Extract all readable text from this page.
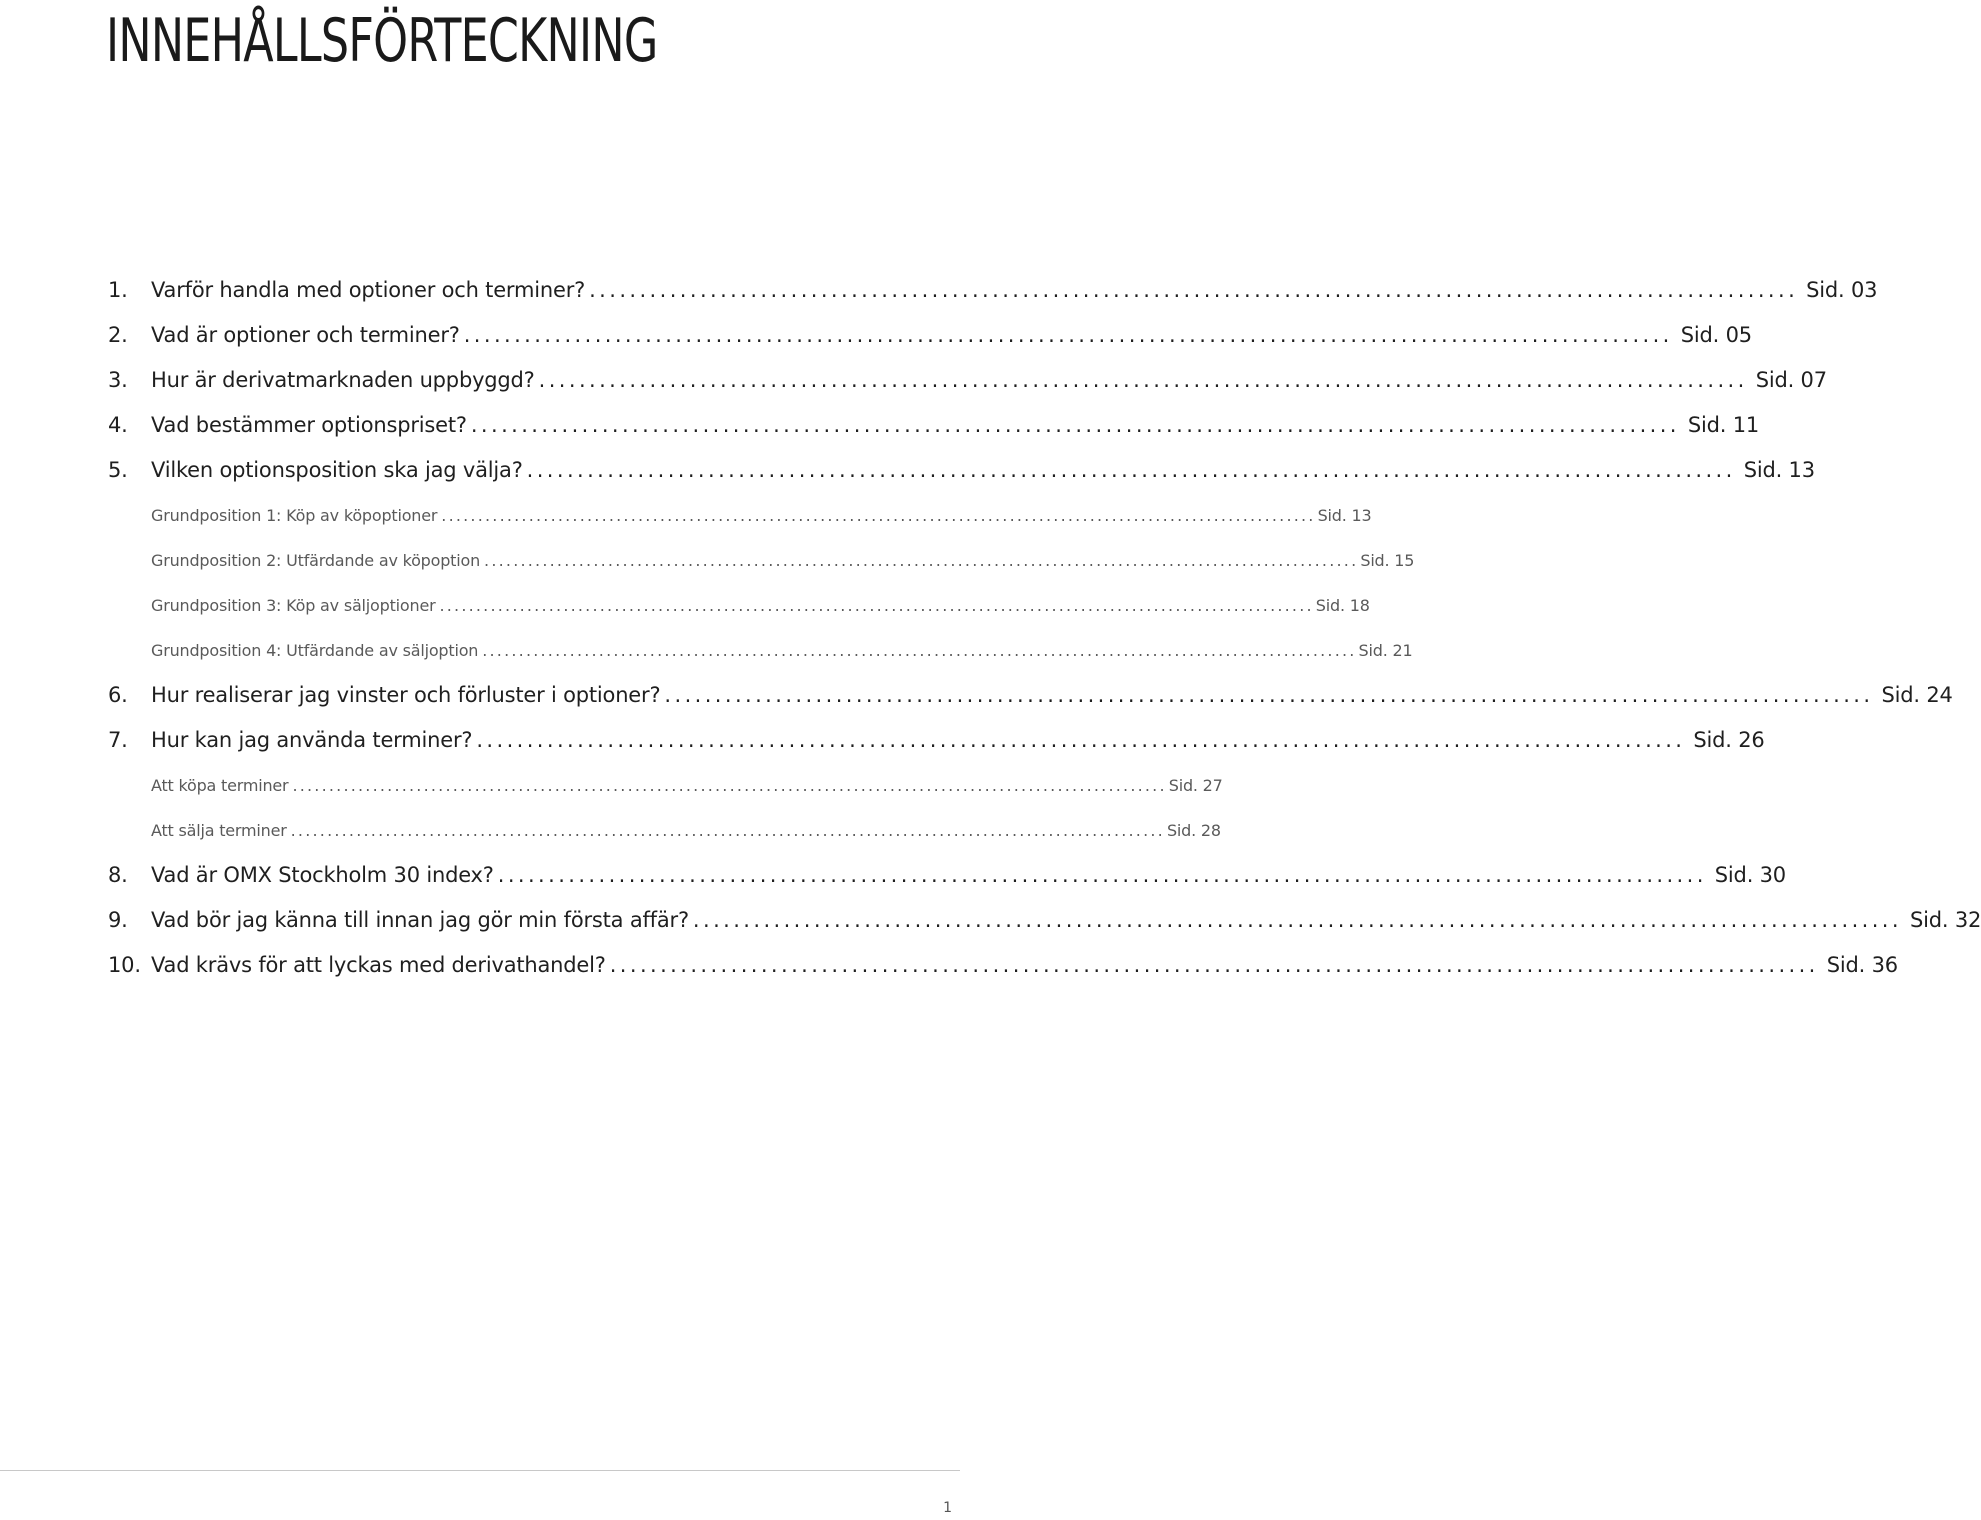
INNEHÅLLSFÖRTECKNING
1.	Varför handla med optioner och terminer? ........................................................................................................................ Sid. 03
2.	Vad är optioner och terminer? ........................................................................................................................ Sid. 05
3.	Hur är derivatmarknaden uppbyggd? ........................................................................................................................ Sid. 07
4.	Vad bestämmer optionspriset? ........................................................................................................................ Sid. 11
5.	Vilken optionsposition ska jag välja? ........................................................................................................................ Sid. 13
Grundposition 1: Köp av köpoptioner ........................................................................................................................ Sid. 13
Grundposition 2: Utfärdande av köpoption ........................................................................................................................ Sid. 15
Grundposition 3: Köp av säljoptioner ........................................................................................................................ Sid. 18
Grundposition 4: Utfärdande av säljoption ........................................................................................................................ Sid. 21
6.	Hur realiserar jag vinster och förluster i optioner? ........................................................................................................................ Sid. 24
7.	Hur kan jag använda terminer? ........................................................................................................................ Sid. 26
Att köpa terminer ........................................................................................................................ Sid. 27
Att sälja terminer ........................................................................................................................ Sid. 28
8.	Vad är OMX Stockholm 30 index? ........................................................................................................................ Sid. 30
9.	Vad bör jag känna till innan jag gör min första affär? ........................................................................................................................ Sid. 32
10. Vad krävs för att lyckas med derivathandel? ........................................................................................................................ Sid. 36
1
